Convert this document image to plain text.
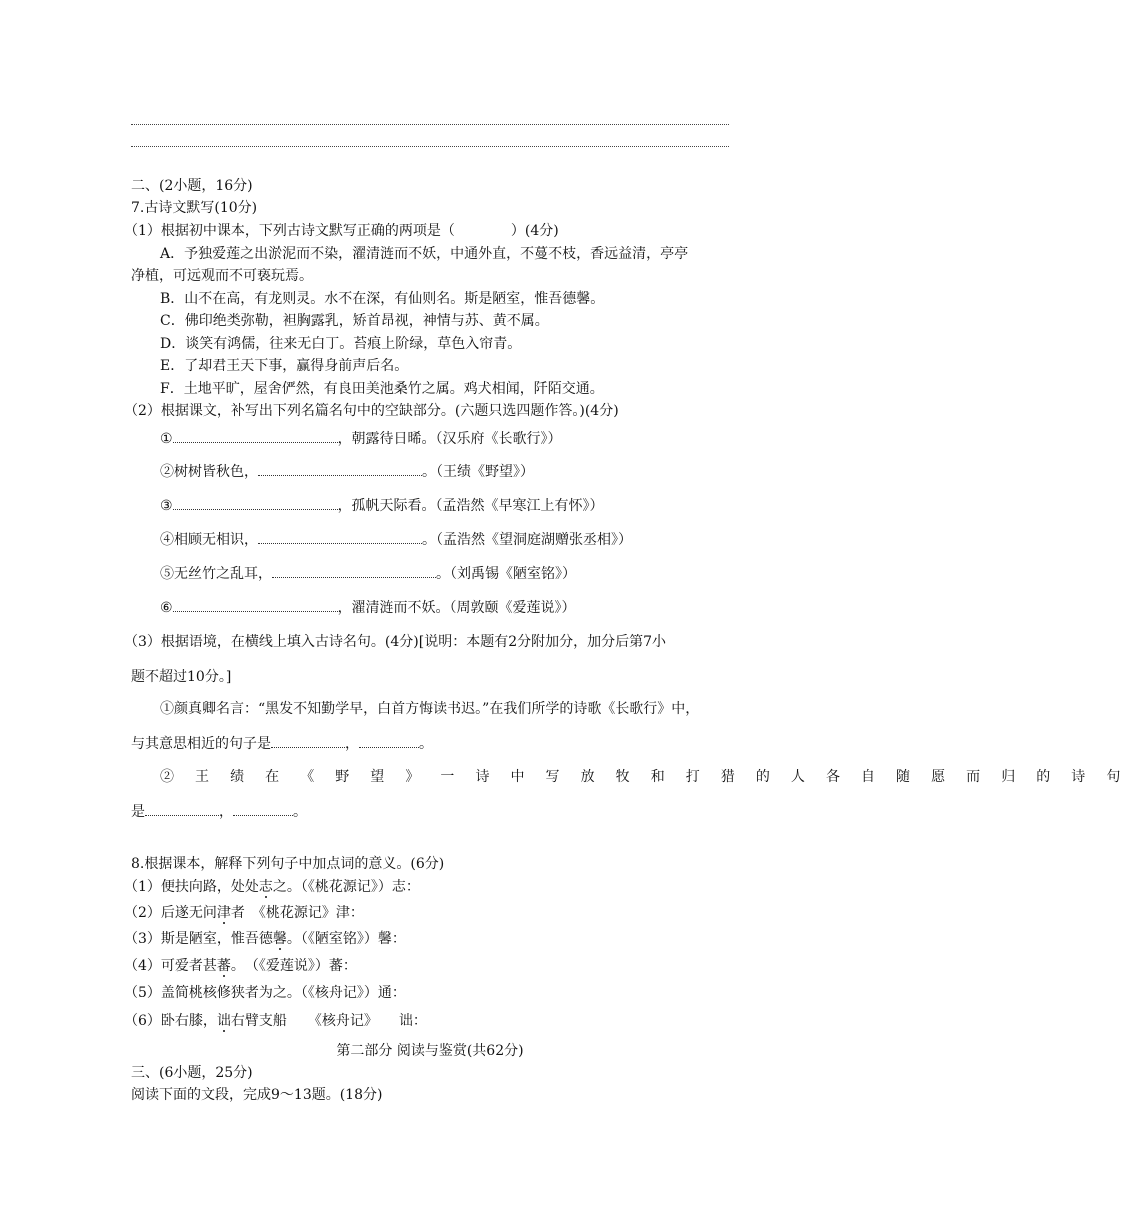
二、(2小题，16分)
7.古诗文默写(10分)
（1）根据初中课本，下列古诗文默写正确的两项是（	）(4分)
A．予独爱莲之出淤泥而不染，濯清涟而不妖，中通外直，不蔓不枝，香远益清，亭亭
净植，可远观而不可亵玩焉。
B．山不在高，有龙则灵。水不在深，有仙则名。斯是陋室，惟吾德馨。
C．佛印绝类弥勒，袒胸露乳，矫首昂视，神情与苏、黄不属。
D．谈笑有鸿儒，往来无白丁。苔痕上阶绿，草色入帘青。
E．了却君王天下事，赢得身前声后名。
F．土地平旷，屋舍俨然，有良田美池桑竹之属。鸡犬相闻，阡陌交通。
（2）根据课文，补写出下列名篇名句中的空缺部分。(六题只选四题作答。)(4分)
①	，朝露待日晞。（汉乐府《长歌行》）
②树树皆秋色，	。（王绩《野望》）
③	，孤帆天际看。（孟浩然《早寒江上有怀》）
④相顾无相识，	。（孟浩然《望洞庭湖赠张丞相》）
⑤无丝竹之乱耳，	。（刘禹锡《陋室铭》）
⑥	，濯清涟而不妖。（周敦颐《爱莲说》）
（3）根据语境，在横线上填入古诗名句。(4分)[说明：本题有2分附加分，加分后第7小
题不超过10分。]
①颜真卿名言：“黑发不知勤学早，白首方悔读书迟。”在我们所学的诗歌《长歌行》中，
与其意思相近的句子是	，	。
② 王 绩 在 《 野 望 》 一 诗 中 写 放 牧 和 打 猎 的 人 各 自 随 愿 而 归 的 诗 句
是	，	。
8.根据课本，解释下列句子中加点词的意义。(6分)
（1）便扶向路，处处志之。（《桃花源记》）志：
（2）后遂无问津者　《桃花源记》津：
（3）斯是陋室，惟吾德馨。（《陋室铭》）馨：
（4）可爱者甚蕃。　（《爱莲说》）蕃：
（5）盖简桃核修狭者为之。（《核舟记》）通：
（6）卧右膝，诎右臂支船　　《核舟记》　　诎：
第二部分 阅读与鉴赏(共62分)
三、(6小题，25分)
阅读下面的文段，完成9～13题。(18分)
